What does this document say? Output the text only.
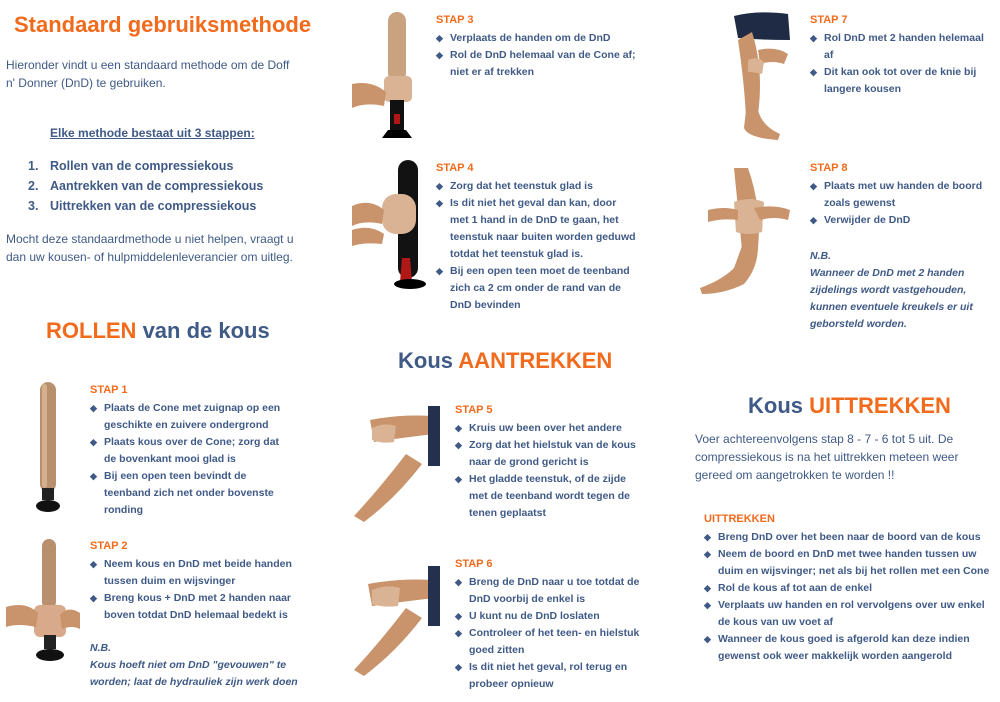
Standaard gebruiksmethode
Hieronder vindt u een standaard methode om de Doff n' Donner (DnD) te gebruiken.
Elke methode bestaat uit 3 stappen:
1. Rollen van de compressiekous
2. Aantrekken van de compressiekous
3. Uittrekken van de compressiekous
Mocht deze standaardmethode u niet helpen, vraagt u dan uw kousen- of hulpmiddelenleverancier om uitleg.
ROLLEN van de kous
STAP 1
◆ Plaats de Cone met zuignap op een geschikte en zuivere ondergrond
◆ Plaats kous over de Cone; zorg dat de bovenkant mooi glad is
◆ Bij een open teen bevindt de teenband zich net onder bovenste ronding
STAP 2
◆ Neem kous en DnD met beide handen tussen duim en wijsvinger
◆ Breng kous + DnD met 2 handen naar boven totdat DnD helemaal bedekt is
N.B.
Kous hoeft niet om DnD "gevouwen" te worden; laat de hydrauliek zijn werk doen
STAP 3
◆ Verplaats de handen om de DnD
◆ Rol de DnD helemaal van de Cone af; niet er af trekken
STAP 4
◆ Zorg dat het teenstuk glad is
◆ Is dit niet het geval dan kan, door met 1 hand in de DnD te gaan, het teenstuk naar buiten worden geduwd totdat het teenstuk glad is.
◆ Bij een open teen moet de teenband zich ca 2 cm onder de rand van de DnD bevinden
Kous AANTREKKEN
STAP 5
◆ Kruis uw been over het andere
◆ Zorg dat het hielstuk van de kous naar de grond gericht is
◆ Het gladde teenstuk, of de zijde met de teenband wordt tegen de tenen geplaatst
STAP 6
◆ Breng de DnD naar u toe totdat de DnD voorbij de enkel is
◆ U kunt nu de DnD loslaten
◆ Controleer of het teen- en hielstuk goed zitten
◆ Is dit niet het geval, rol terug en probeer opnieuw
STAP 7
◆ Rol DnD met 2 handen helemaal af
◆ Dit kan ook tot over de knie bij langere kousen
STAP 8
◆ Plaats met uw handen de boord zoals gewenst
◆ Verwijder de DnD
N.B.
Wanneer de DnD met 2 handen zijdelings wordt vastgehouden, kunnen eventuele kreukels er uit geborsteld worden.
Kous UITTREKKEN
Voer achtereenvolgens stap 8 - 7 - 6 tot 5 uit. De compressiekous is na het uittrekken meteen weer gereed om aangetrokken te worden !!
UITTREKKEN
◆ Breng DnD over het been naar de boord van de kous
◆ Neem de boord en DnD met twee handen tussen uw duim en wijsvinger; net als bij het rollen met een Cone
◆ Rol de kous af tot aan de enkel
◆ Verplaats uw handen en rol vervolgens over uw enkel de kous van uw voet af
◆ Wanneer de kous goed is afgerold kan deze indien gewenst ook weer makkelijk worden aangerold
